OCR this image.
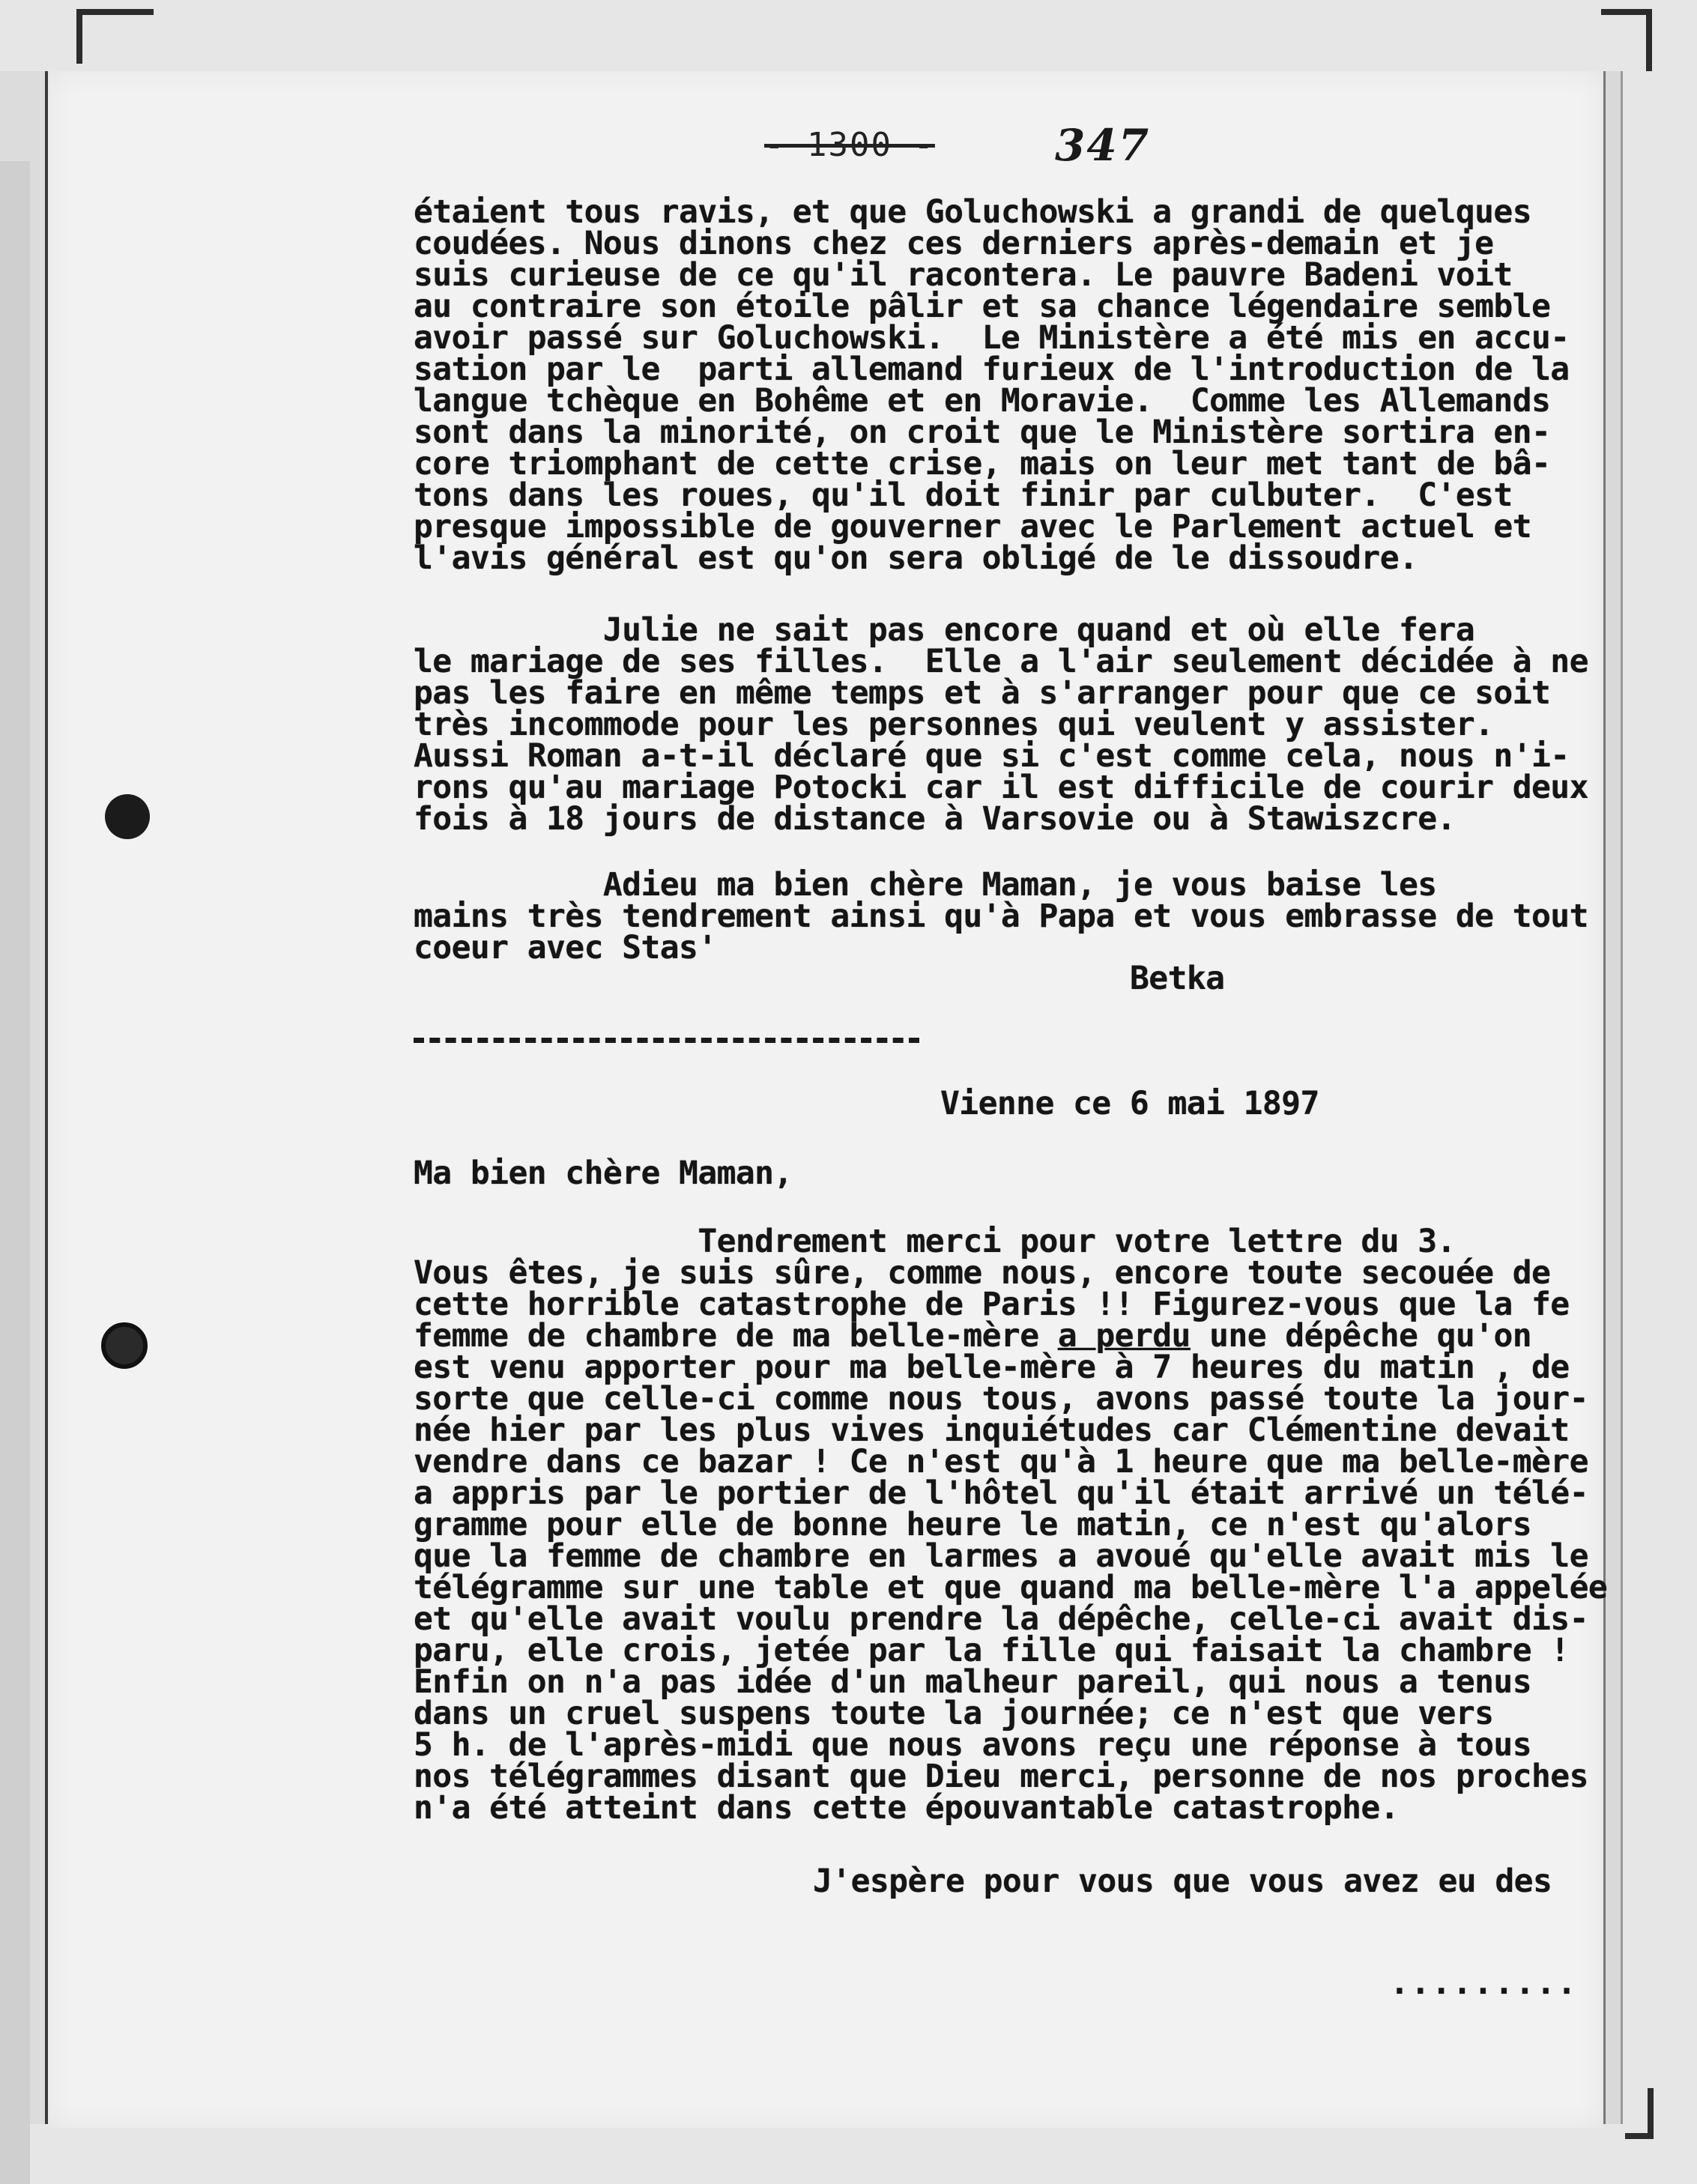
- 1300 -	347
étaient tous ravis, et que Goluchowski a grandi de quelques
coudées. Nous dinons chez ces derniers après-demain et je
suis curieuse de ce qu'il racontera. Le pauvre Badeni voit
au contraire son étoile pâlir et sa chance légendaire semble
avoir passé sur Goluchowski.  Le Ministère a été mis en accu-
sation par le  parti allemand furieux de l'introduction de la
langue tchèque en Bohême et en Moravie.  Comme les Allemands
sont dans la minorité, on croit que le Ministère sortira en-
core triomphant de cette crise, mais on leur met tant de bâ-
tons dans les roues, qu'il doit finir par culbuter.  C'est
presque impossible de gouverner avec le Parlement actuel et
l'avis général est qu'on sera obligé de le dissoudre.
Julie ne sait pas encore quand et où elle fera
le mariage de ses filles.  Elle a l'air seulement décidée à ne
pas les faire en même temps et à s'arranger pour que ce soit
très incommode pour les personnes qui veulent y assister.
Aussi Roman a-t-il déclaré que si c'est comme cela, nous n'i-
rons qu'au mariage Potocki car il est difficile de courir deux
fois à 18 jours de distance à Varsovie ou à Stawiszcre.
Adieu ma bien chère Maman, je vous baise les
mains très tendrement ainsi qu'à Papa et vous embrasse de tout
coeur avec Stas'
Betka
Vienne ce 6 mai 1897
Ma bien chère Maman,
Tendrement merci pour votre lettre du 3.
Vous êtes, je suis sûre, comme nous, encore toute secouée de
cette horrible catastrophe de Paris !! Figurez-vous que la fe
femme de chambre de ma belle-mère a perdu une dépêche qu'on
est venu apporter pour ma belle-mère à 7 heures du matin , de
sorte que celle-ci comme nous tous, avons passé toute la jour-
née hier par les plus vives inquiétudes car Clémentine devait
vendre dans ce bazar ! Ce n'est qu'à 1 heure que ma belle-mère
a appris par le portier de l'hôtel qu'il était arrivé un télé-
gramme pour elle de bonne heure le matin, ce n'est qu'alors
que la femme de chambre en larmes a avoué qu'elle avait mis le
télégramme sur une table et que quand ma belle-mère l'a appelée
et qu'elle avait voulu prendre la dépêche, celle-ci avait dis-
paru, elle crois, jetée par la fille qui faisait la chambre !
Enfin on n'a pas idée d'un malheur pareil, qui nous a tenus
dans un cruel suspens toute la journée; ce n'est que vers
5 h. de l'après-midi que nous avons reçu une réponse à tous
nos télégrammes disant que Dieu merci, personne de nos proches
n'a été atteint dans cette épouvantable catastrophe.
J'espère pour vous que vous avez eu des
.........
